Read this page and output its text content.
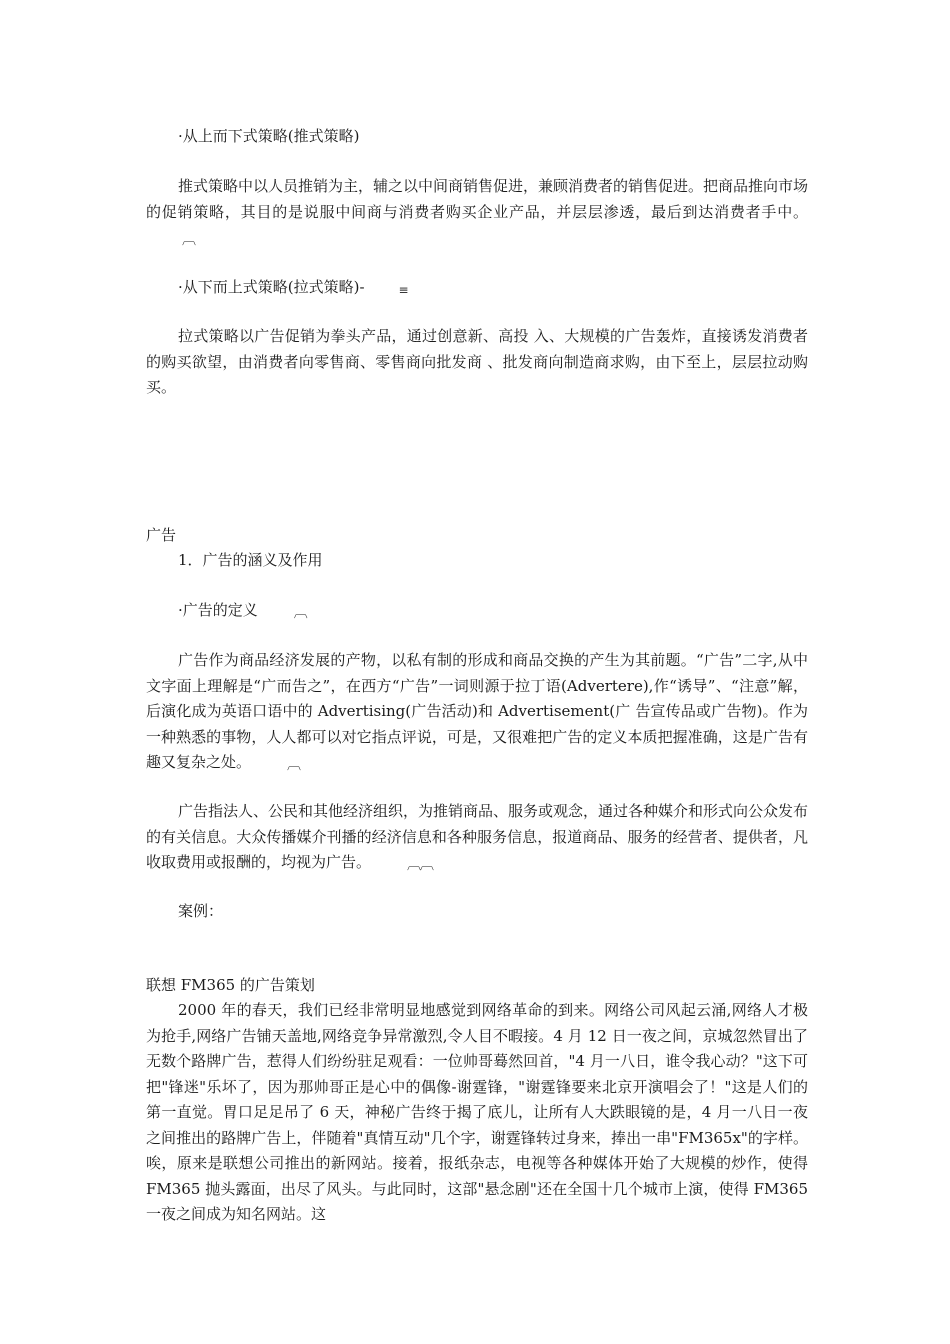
·从上而下式策略(推式策略)

推式策略中以人员推销为主，辅之以中间商销售促进，兼顾消费者的销售促进。把商品推向市场的促销策略，其目的是说服中间商与消费者购买企业产品，并层层渗透，最后到达消费者手中。︹

·从下而上式策略(拉式策略)-	≡

拉式策略以广告促销为拳头产品，通过创意新、高投 入、大规模的广告轰炸，直接诱发消费者的购买欲望，由消费者向零售商、零售商向批发商 、批发商向制造商求购，由下至上，层层拉动购买。

广告

1．广告的涵义及作用

·广告的定义	︹

广告作为商品经济发展的产物，以私有制的形成和商品交换的产生为其前题。“广告”二字,从中文字面上理解是“广而告之”，在西方“广告”一词则源于拉丁语(Advertere),作“诱导”、“注意”解，后演化成为英语口语中的 Advertising(广告活动)和 Advertisement(广 告宣传品或广告物)。作为一种熟悉的事物，人人都可以对它指点评说，可是，又很难把广告的定义本质把握准确，这是广告有趣又复杂之处。	︹

广告指法人、公民和其他经济组织，为推销商品、服务或观念，通过各种媒介和形式向公众发布的有关信息。大众传播媒介刊播的经济信息和各种服务信息，报道商品、服务的经营者、提供者，凡收取费用或报酬的，均视为广告。	︹︹

案例：

联想 FM365 的广告策划

2000 年的春天，我们已经非常明显地感觉到网络革命的到来。网络公司风起云涌,网络人才极为抢手,网络广告铺天盖地,网络竞争异常激烈,令人目不暇接。4 月 12 日一夜之间，京城忽然冒出了无数个路牌广告，惹得人们纷纷驻足观看：一位帅哥蓦然回首，"4 月一八日，谁令我心动？"这下可把"锋迷"乐坏了，因为那帅哥正是心中的偶像-谢霆锋，"谢霆锋要来北京开演唱会了！"这是人们的第一直觉。胃口足足吊了 6 天，神秘广告终于揭了底儿，让所有人大跌眼镜的是，4 月一八日一夜之间推出的路牌广告上，伴随着"真情互动"几个字，谢霆锋转过身来，捧出一串"FM365x"的字样。唉，原来是联想公司推出的新网站。接着，报纸杂志，电视等各种媒体开始了大规模的炒作，使得 FM365 抛头露面，出尽了风头。与此同时，这部"悬念剧"还在全国十几个城市上演，使得 FM365 一夜之间成为知名网站。这
